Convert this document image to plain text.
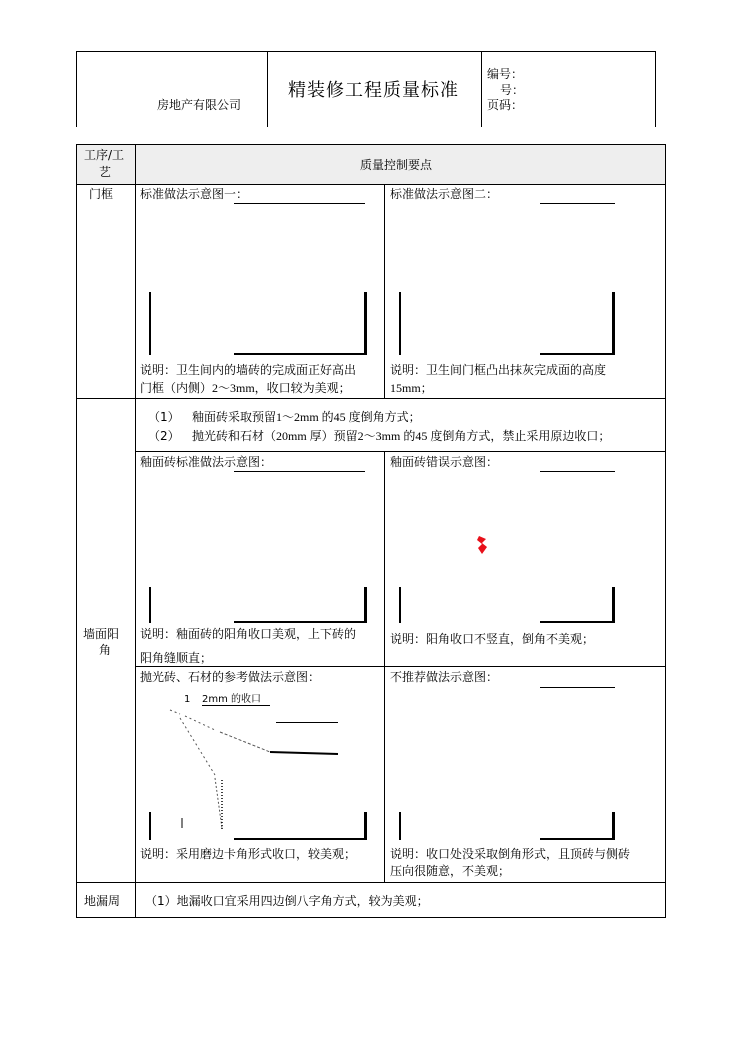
房地产有限公司
精装修工程质量标准
编号：
号：
页码：
工序/工
艺	质量控制要点
门框 标准做法示意图一：
说明：卫生间内的墙砖的完成面正好高出
门框（内侧）2～3mm，收口较为美观；
标准做法示意图二：
说明：卫生间门框凸出抹灰完成面的高度
15mm；
墙面阳
角
（1） 釉面砖采取预留1～2mm 的45 度倒角方式；
（2） 抛光砖和石材（20mm 厚）预留2～3mm 的45 度倒角方式，禁止采用原边收口；
釉面砖标准做法示意图：
说明：釉面砖的阳角收口美观，上下砖的
阳角缝顺直；
釉面砖错误示意图：
说明：阳角收口不竖直，倒角不美观；
抛光砖、石材的参考做法示意图：
1 2mm 的收口
说明：采用磨边卡角形式收口，较美观；
不推荐做法示意图：
说明：收口处没采取倒角形式，且顶砖与侧砖
压向很随意，不美观；
地漏周 （1）地漏收口宜采用四边倒八字角方式，较为美观；
